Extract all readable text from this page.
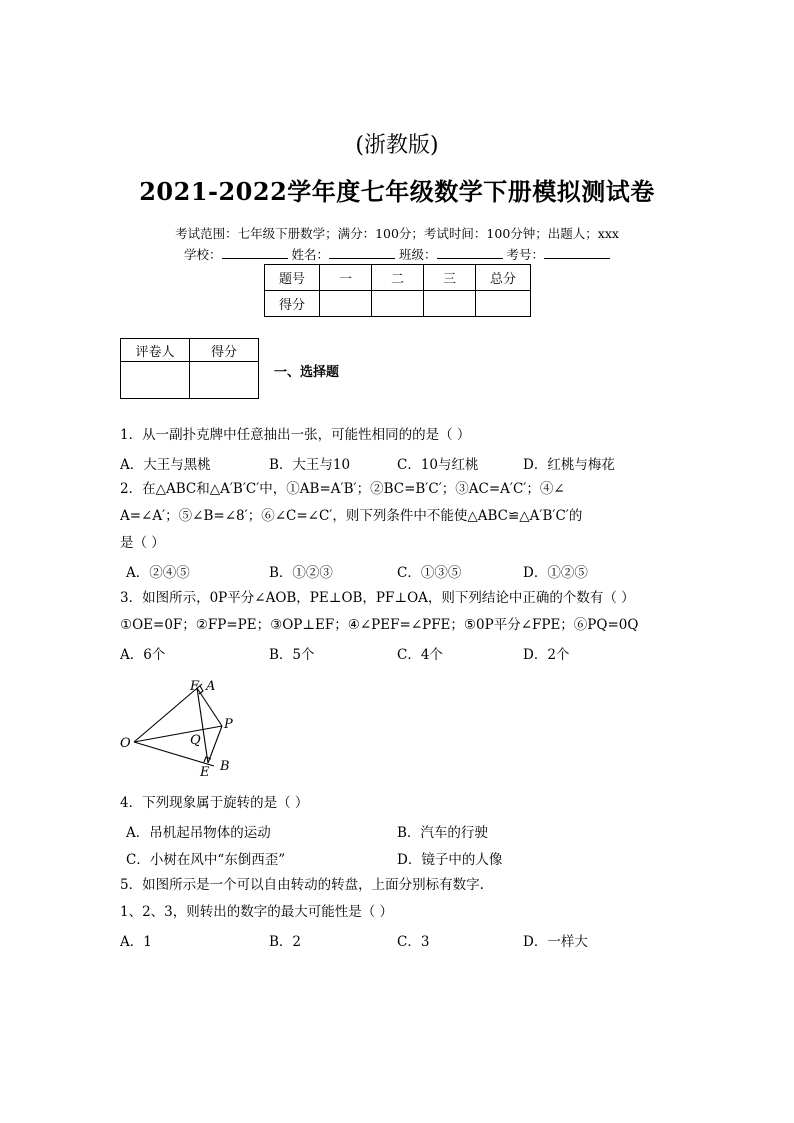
(浙教版)
2021-2022学年度七年级数学下册模拟测试卷
考试范围：七年级下册数学；满分：100分；考试时间：100分钟；出题人；xxx
学校：	姓名：	班级：	考号：
题号	一	二	三	总分
得分				
评卷人	得分

一、选择题
1．从一副扑克牌中任意抽出一张，可能性相同的的是（ ）
A．大王与黑桃	B．大王与10	C．10与红桃	D．红桃与梅花
2．在△ABC和△A′B′C′中，①AB=A′B′；②BC=B′C′；③AC=A′C′；④∠
A=∠A′；⑤∠B=∠8′；⑥∠C=∠C′，则下列条件中不能使△ABC≌△A′B′C′的
是（ ）
A．②④⑤	B．①②③	C．①③⑤	D．①②⑤
3．如图所示，0P平分∠AOB，PE⊥OB，PF⊥OA，则下列结论中正确的个数有（ ）
①OE=0F；②FP=PE；③OP⊥EF；④∠PEF=∠PFE；⑤0P平分∠FPE；⑥PQ=0Q
A．6个	B．5个	C．4个	D．2个
F A
P
O	Q
E B
4．下列现象属于旋转的是（ ）
A．吊机起吊物体的运动	B．汽车的行驶
C．小树在风中“东倒西歪”	D．镜子中的人像
5．如图所示是一个可以自由转动的转盘，上面分别标有数字.
1、2、3，则转出的数字的最大可能性是（ ）
A．1	B．2	C．3	D．一样大
